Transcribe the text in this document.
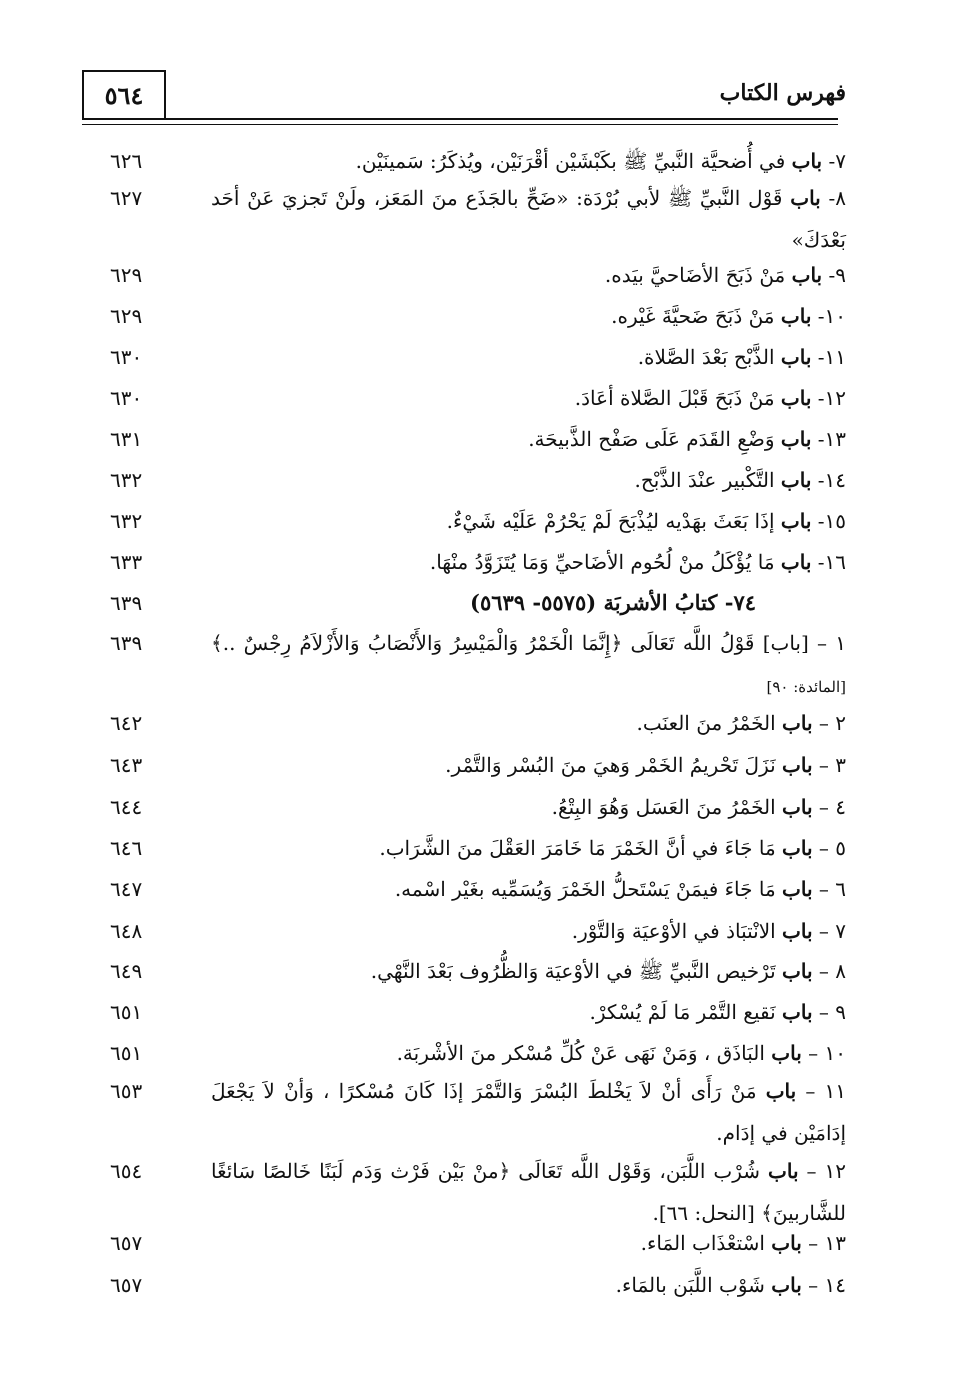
فهرس الكتاب
٥٦٤
٧- باب في أُضحيَّة النَّبيِّ ﷺ بكَبْشَيْن أقْرَنَيْن، ويُذكَرُ: سَمينَيْن.
٦٢٦
٨- باب قَوْل النَّبيِّ ﷺ لأبي بُرْدَة: «ضَحِّ بالجَذَع منَ المَعَز، ولَنْ تَجزيَ عَنْ أحَد بَعْدَكَ»
٦٢٧
٩- باب مَنْ ذَبَحَ الأضَاحيَّ بيَده.
٦٢٩
١٠- باب مَنْ ذَبَحَ ضَحيَّةَ غَيْره.
٦٢٩
١١- باب الذَّبْح بَعْدَ الصَّلاة.
٦٣٠
١٢- باب مَنْ ذَبَحَ قَبْلَ الصَّلاة أعَادَ.
٦٣٠
١٣- باب وَضْعِ القَدَم عَلَى صَفْح الذَّبيحَة.
٦٣١
١٤- باب التَّكْبير عنْدَ الذَّبْح.
٦٣٢
١٥- باب إذَا بَعَثَ بهَدْيه ليُذْبَحَ لَمْ يَحْرُمْ عَلَيْه شَيْءٌ.
٦٣٢
١٦- باب مَا يُؤْكَلُ منْ لُحُوم الأضَاحيِّ وَمَا يُتَزَوَّدُ منْهَا.
٦٣٣
٧٤- كتابُ الأشربَة (٥٥٧٥- ٥٦٣٩)
٦٣٩
١ – [باب] قَوْلُ اللَّه تَعَالَى ﴿إِنَّمَا الْخَمْرُ وَالْمَيْسِرُ وَالأَنْصَابُ وَالأَزْلاَمُ رِجْسٌ ..﴾ [المائدة: ٩٠]
٦٣٩
٢ – باب الخَمْرُ منَ العنَب.
٦٤٢
٣ – باب نَزَلَ تَحْريمُ الخَمْر وَهيَ منَ البُسْر وَالتَّمْر.
٦٤٣
٤ – باب الخَمْرُ منَ العَسَل وَهُوَ البِتْعُ.
٦٤٤
٥ – باب مَا جَاءَ في أنَّ الخَمْرَ مَا خَامَرَ العَقْلَ منَ الشَّرَاب.
٦٤٦
٦ – باب مَا جَاءَ فيمَنْ يَسْتَحلُّ الخَمْرَ وَيُسَمِّيه بغَيْر اسْمه.
٦٤٧
٧ – باب الانْتبَاذ في الأوْعيَة وَالتَّوْر.
٦٤٨
٨ – باب تَرْخيص النَّبيِّ ﷺ في الأوْعيَة وَالظُّرُوف بَعْدَ النَّهْي.
٦٤٩
٩ – باب نَقيع التَّمْر مَا لَمْ يُسْكرْ.
٦٥١
١٠ – باب البَاذَق ، وَمَنْ نَهَى عَنْ كُلِّ مُسْكر منَ الأشْربَة.
٦٥١
١١ – باب مَنْ رَأَى أنْ لاَ يَخْلطَ البُسْرَ وَالتَّمْرَ إذَا كَانَ مُسْكرًا ، وَأنْ لاَ يَجْعَلَ إدَامَيْن في إدَام.
٦٥٣
١٢ – باب شُرْب اللَّبَن، وَقَوْل اللَّه تَعَالَى ﴿منْ بَيْن فَرْث وَدَم لَبَنًا خَالصًا سَائغًا للشَّاربينَ﴾ [النحل: ٦٦].
٦٥٤
١٣ – باب اسْتعْذَاب المَاء.
٦٥٧
١٤ – باب شَوْب اللَّبَن بالمَاء.
٦٥٧
